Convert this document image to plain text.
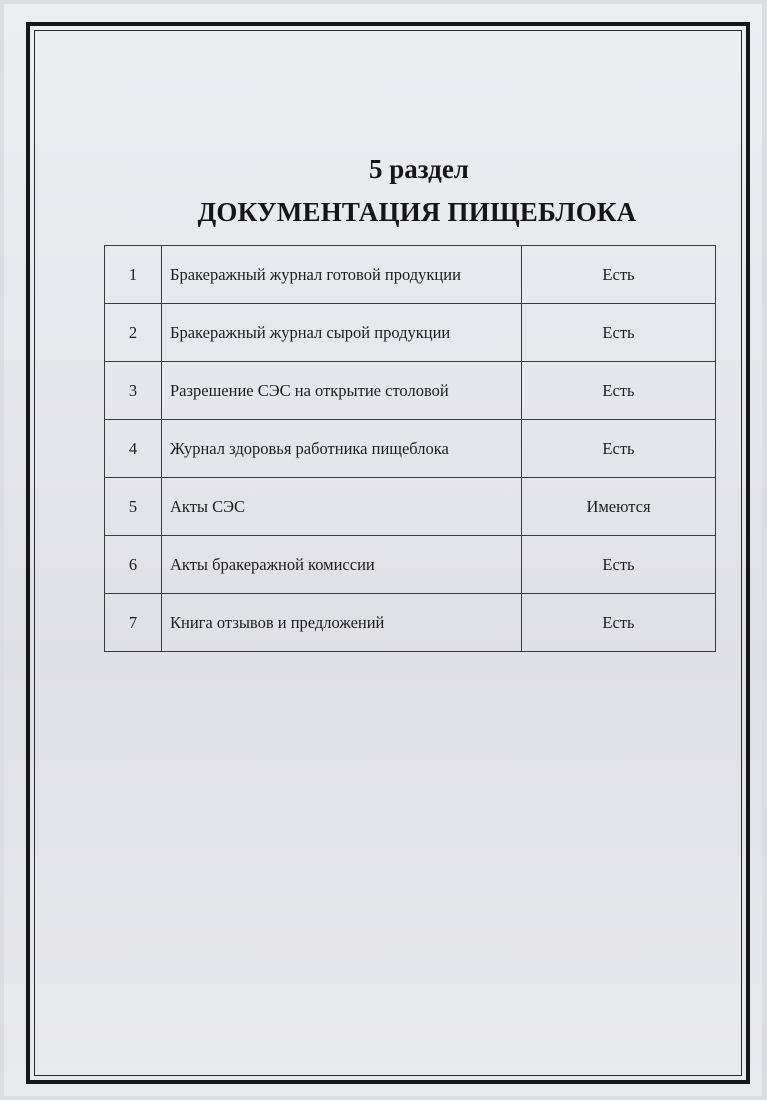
5 раздел
ДОКУМЕНТАЦИЯ ПИЩЕБЛОКА
1	Бракеражный журнал готовой продукции	Есть
2	Бракеражный журнал сырой продукции	Есть
3	Разрешение СЭС на открытие столовой	Есть
4	Журнал здоровья работника пищеблока	Есть
5	Акты СЭС	Имеются
6	Акты бракеражной комиссии	Есть
7	Книга отзывов и предложений	Есть
